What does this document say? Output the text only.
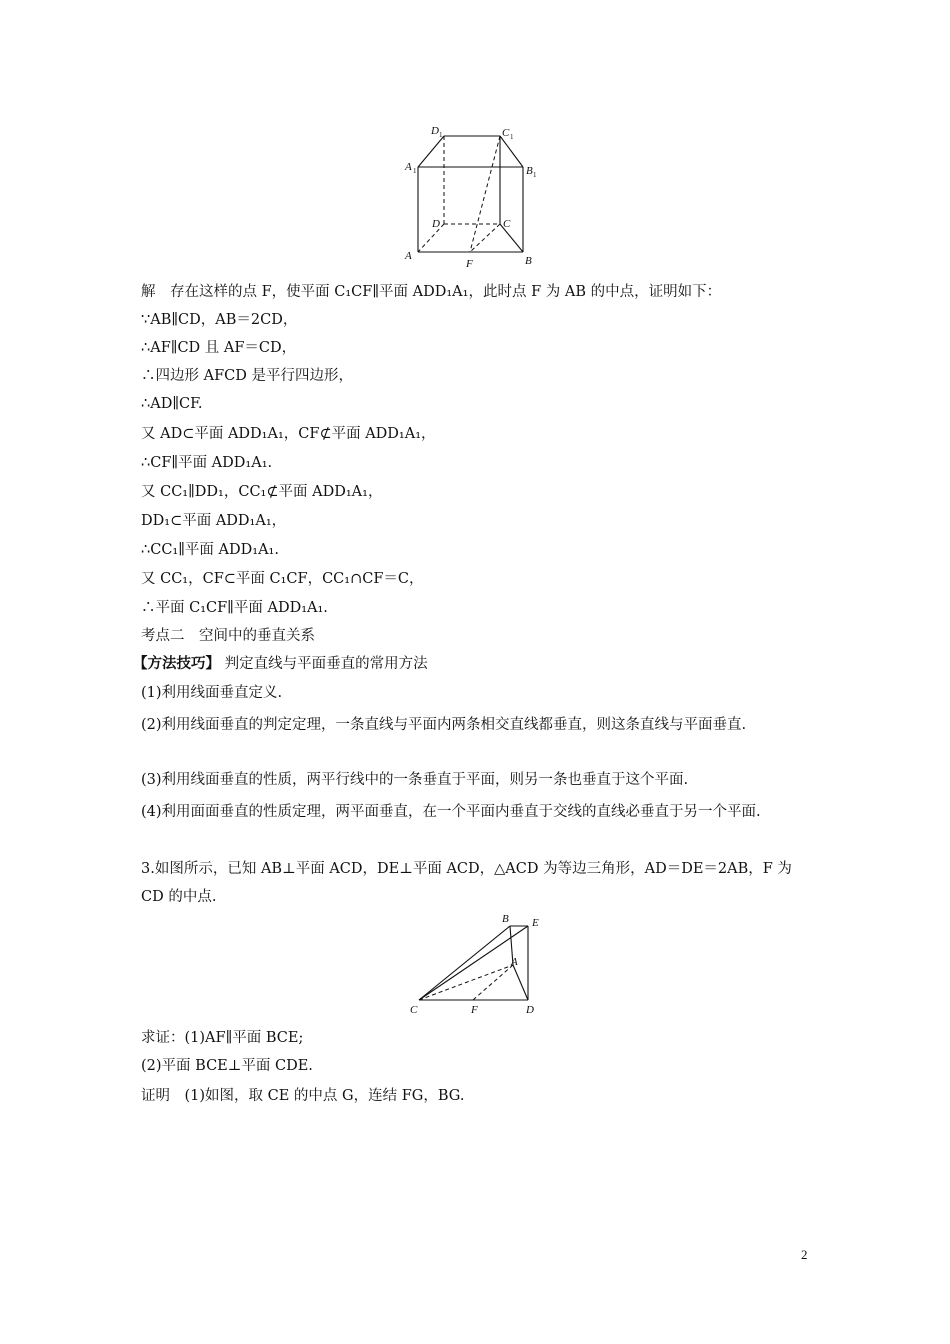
D 1	C 1
A 1	B 1
D	C
A	B
F
解　存在这样的点 F，使平面 C₁CF∥平面 ADD₁A₁，此时点 F 为 AB 的中点，证明如下：
∵AB∥CD，AB＝2CD，
∴AF∥CD 且 AF＝CD，
∴四边形 AFCD 是平行四边形，
∴AD∥CF.
又 AD⊂平面 ADD₁A₁，CF⊄平面 ADD₁A₁，
∴CF∥平面 ADD₁A₁.
又 CC₁∥DD₁，CC₁⊄平面 ADD₁A₁，
DD₁⊂平面 ADD₁A₁，
∴CC₁∥平面 ADD₁A₁.
又 CC₁，CF⊂平面 C₁CF，CC₁∩CF＝C，
∴平面 C₁CF∥平面 ADD₁A₁.
考点二　空间中的垂直关系
【方法技巧】 判定直线与平面垂直的常用方法
(1)利用线面垂直定义.
(2)利用线面垂直的判定定理，一条直线与平面内两条相交直线都垂直，则这条直线与平面垂直.
(3)利用线面垂直的性质，两平行线中的一条垂直于平面，则另一条也垂直于这个平面.
(4)利用面面垂直的性质定理，两平面垂直，在一个平面内垂直于交线的直线必垂直于另一个平面.
3.如图所示，已知 AB⊥平面 ACD，DE⊥平面 ACD，△ACD 为等边三角形，AD＝DE＝2AB，F 为 CD 的中点.
B E
A
C	F	D
求证：(1)AF∥平面 BCE;
(2)平面 BCE⊥平面 CDE.
证明　(1)如图，取 CE 的中点 G，连结 FG，BG.
2
